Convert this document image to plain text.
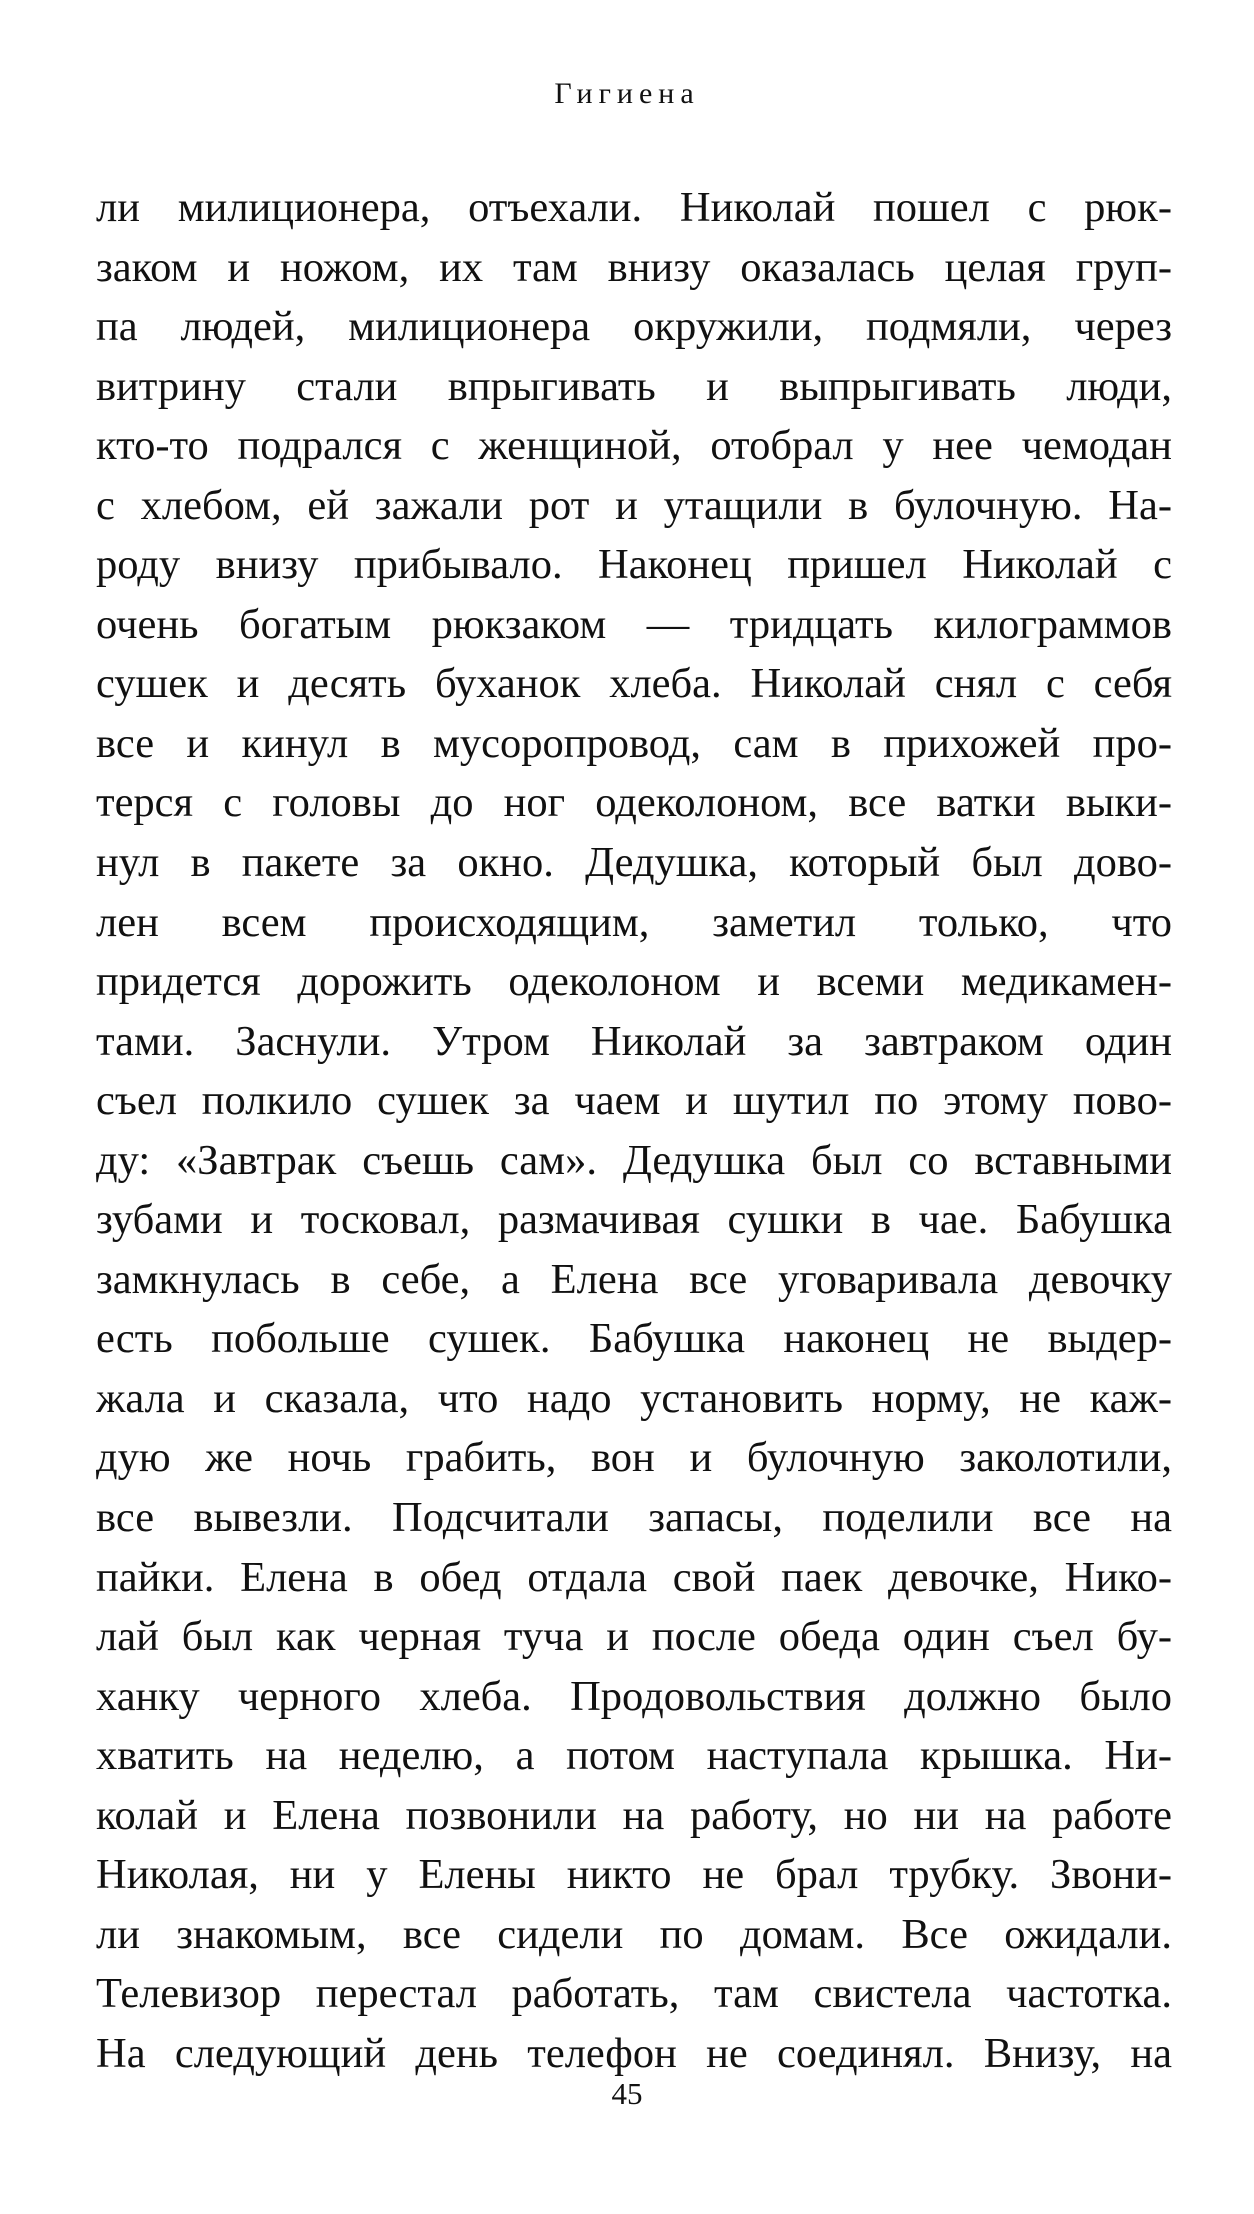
Гигиена
ли милиционера, отъехали. Николай пошел с рюк-
заком и ножом, их там внизу оказалась целая груп-
па людей, милиционера окружили, подмяли, через
витрину стали впрыгивать и выпрыгивать люди,
кто-то подрался с женщиной, отобрал у нее чемодан
с хлебом, ей зажали рот и утащили в булочную. На-
роду внизу прибывало. Наконец пришел Николай с
очень богатым рюкзаком — тридцать килограммов
сушек и десять буханок хлеба. Николай снял с себя
все и кинул в мусоропровод, сам в прихожей про-
терся с головы до ног одеколоном, все ватки выки-
нул в пакете за окно. Дедушка, который был дово-
лен всем происходящим, заметил только, что
придется дорожить одеколоном и всеми медикамен-
тами. Заснули. Утром Николай за завтраком один
съел полкило сушек за чаем и шутил по этому пово-
ду: «Завтрак съешь сам». Дедушка был со вставными
зубами и тосковал, размачивая сушки в чае. Бабушка
замкнулась в себе, а Елена все уговаривала девочку
есть побольше сушек. Бабушка наконец не выдер-
жала и сказала, что надо установить норму, не каж-
дую же ночь грабить, вон и булочную заколотили,
все вывезли. Подсчитали запасы, поделили все на
пайки. Елена в обед отдала свой паек девочке, Нико-
лай был как черная туча и после обеда один съел бу-
ханку черного хлеба. Продовольствия должно было
хватить на неделю, а потом наступала крышка. Ни-
колай и Елена позвонили на работу, но ни на работе
Николая, ни у Елены никто не брал трубку. Звони-
ли знакомым, все сидели по домам. Все ожидали.
Телевизор перестал работать, там свистела частотка.
На следующий день телефон не соединял. Внизу, на
45
